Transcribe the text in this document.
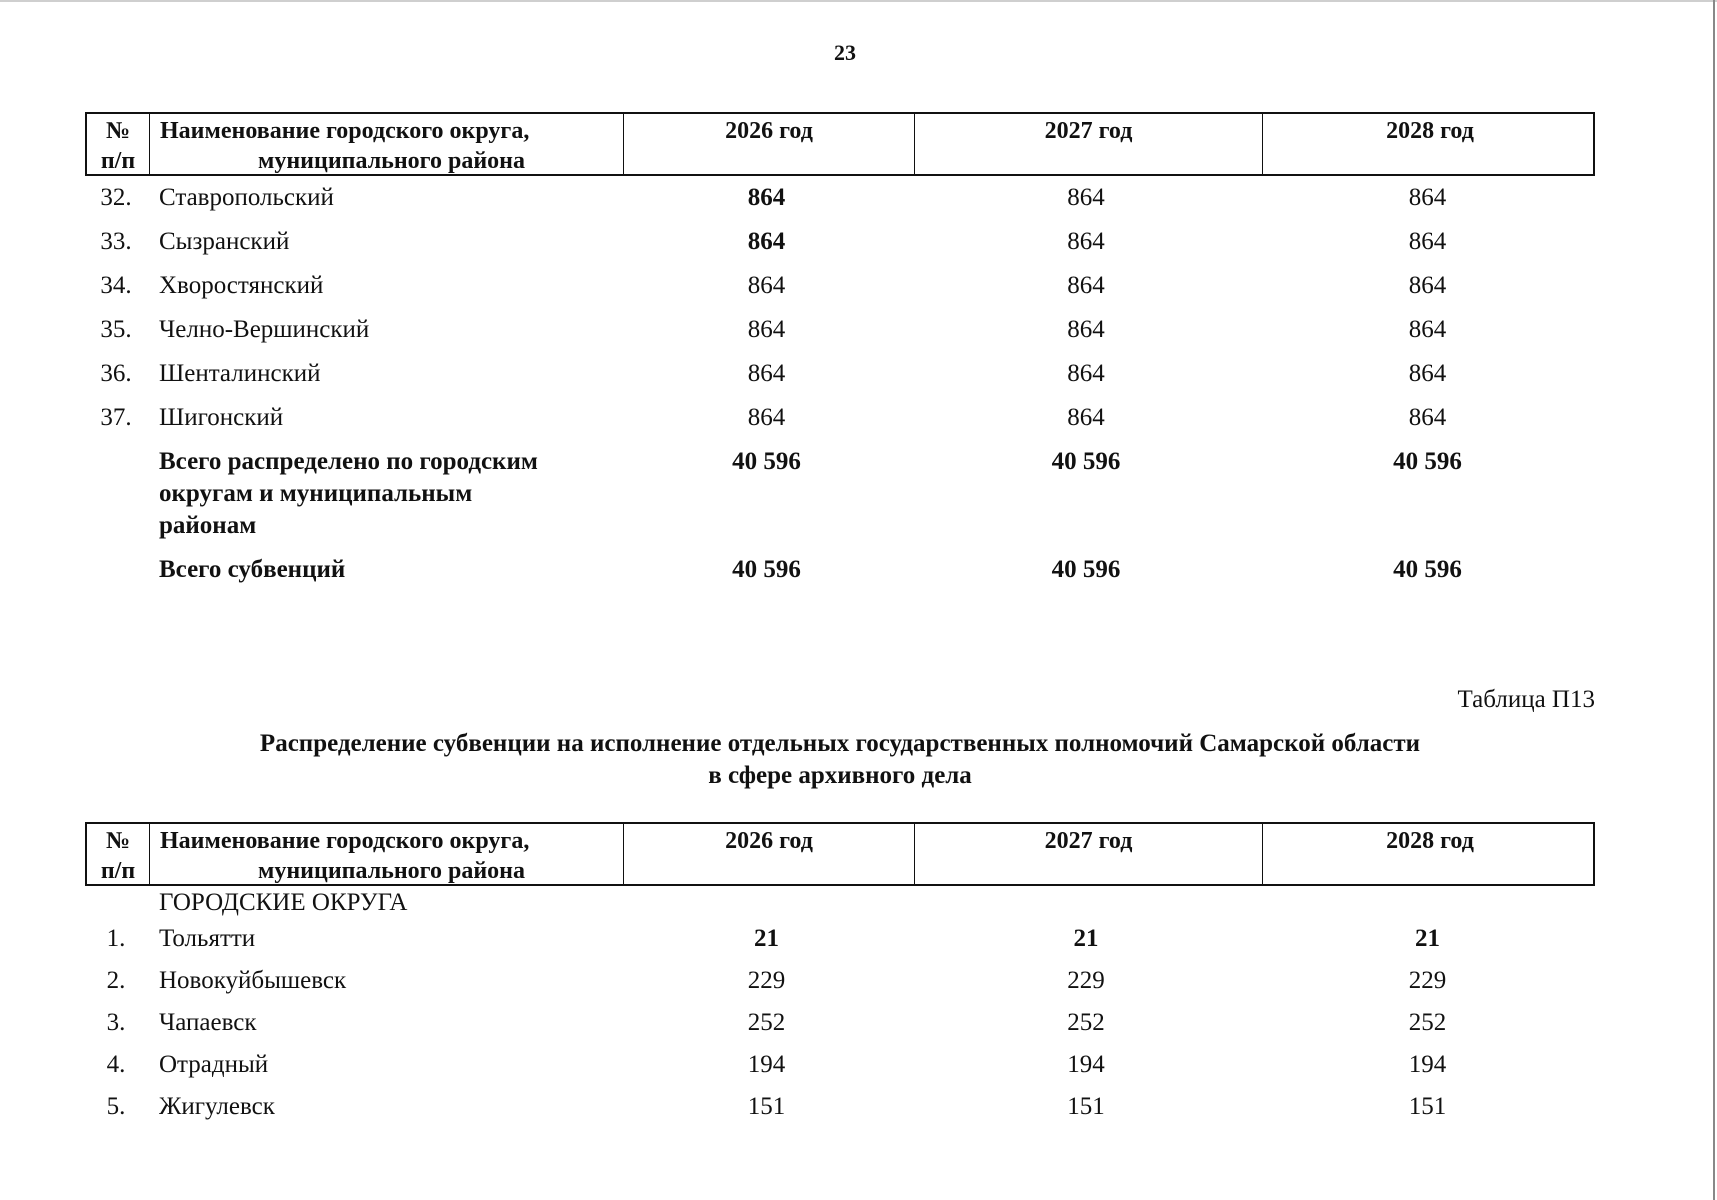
23
№
п/п
Наименование городского округа,
муниципального района
2026 год	2027 год	2028 год
32.	Ставропольский	864	864	864
33.	Сызранский	864	864	864
34.	Хворостянский	864	864	864
35.	Челно-Вершинский	864	864	864
36.	Шенталинский	864	864	864
37.	Шигонский	864	864	864
Всего распределено по городским
округам и муниципальным
районам
40 596	40 596	40 596
Всего субвенций	40 596	40 596	40 596
Таблица П13
Распределение субвенции на исполнение отдельных государственных полномочий Самарской области
в сфере архивного дела
№
п/п
Наименование городского округа,
муниципального района
2026 год	2027 год	2028 год
ГОРОДСКИЕ ОКРУГА
1.	Тольятти	21	21	21
2.	Новокуйбышевск	229	229	229
3.	Чапаевск	252	252	252
4.	Отрадный	194	194	194
5.	Жигулевск	151	151	151
